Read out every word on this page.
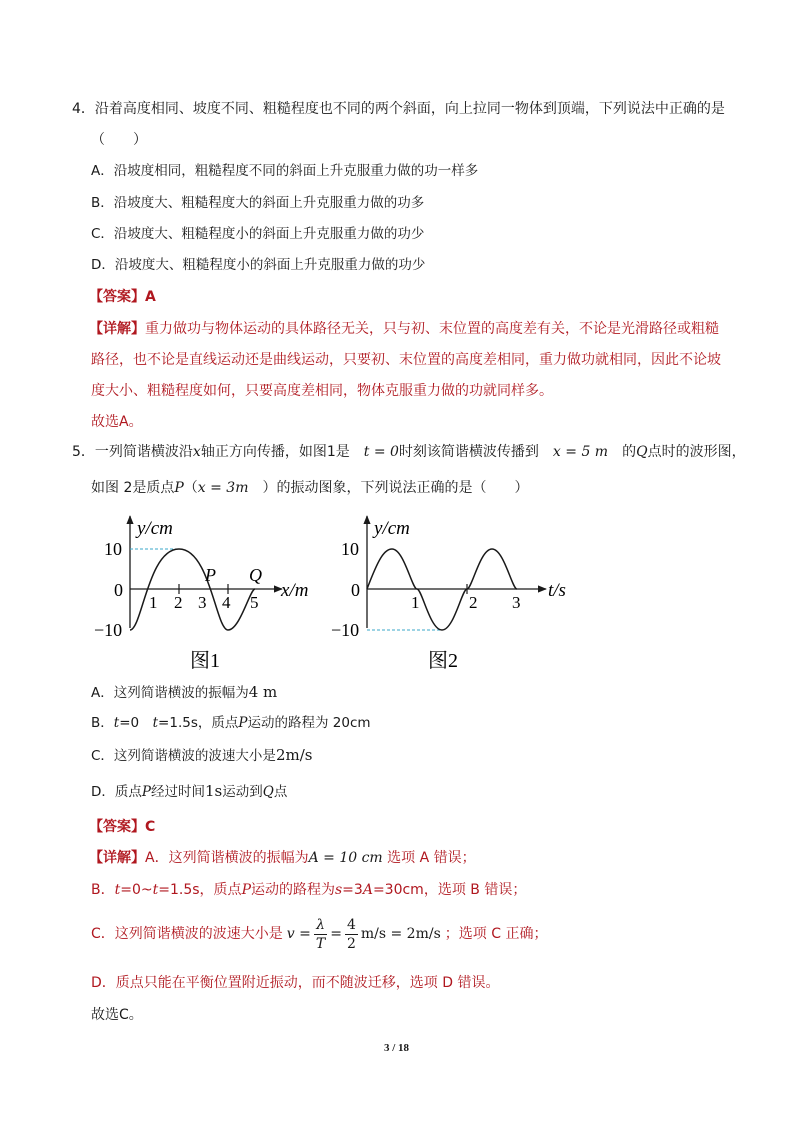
4．沿着高度相同、坡度不同、粗糙程度也不同的两个斜面，向上拉同一物体到顶端，下列说法中正确的是
（　　）
A．沿坡度相同，粗糙程度不同的斜面上升克服重力做的功一样多
B．沿坡度大、粗糙程度大的斜面上升克服重力做的功多
C．沿坡度大、粗糙程度小的斜面上升克服重力做的功少
D．沿坡度大、粗糙程度小的斜面上升克服重力做的功少
【答案】A
【详解】重力做功与物体运动的具体路径无关，只与初、末位置的高度差有关，不论是光滑路径或粗糙
路径，也不论是直线运动还是曲线运动，只要初、末位置的高度差相同，重力做功就相同，因此不论坡
度大小、粗糙程度如何，只要高度差相同，物体克服重力做的功就同样多。
故选A。
5．一列简谐横波沿x轴正方向传播，如图1是　 t = 0时刻该简谐横波传播到　 x = 5 m　 的Q点时的波形图，
如图 2是质点P（x = 3m　 ）的振动图象，下列说法正确的是（　　）
y/cm
x/m
10
0
−10
1 2 3 4 5
P Q
图1
y/cm
t/s
10
0
−10
1	2 3
图2
A．这列简谐横波的振幅为4 m
B．t=0　t=1.5s，质点P运动的路程为 20cm
C．这列简谐横波的波速大小是2m/s
D．质点P经过时间1s运动到Q点
【答案】C
【详解】A．这列简谐横波的振幅为A = 10 cm 选项 A 错误；
B．t=0~t=1.5s，质点P运动的路程为s=3A=30cm，选项 B 错误；
C．这列简谐横波的波速大小是 $v = \frac{\lambda}{T} = \frac{4}{2} m/s = 2m/s$ ；选项 C 正确；
D．质点只能在平衡位置附近振动，而不随波迁移，选项 D 错误。
故选C。
3 / 18
